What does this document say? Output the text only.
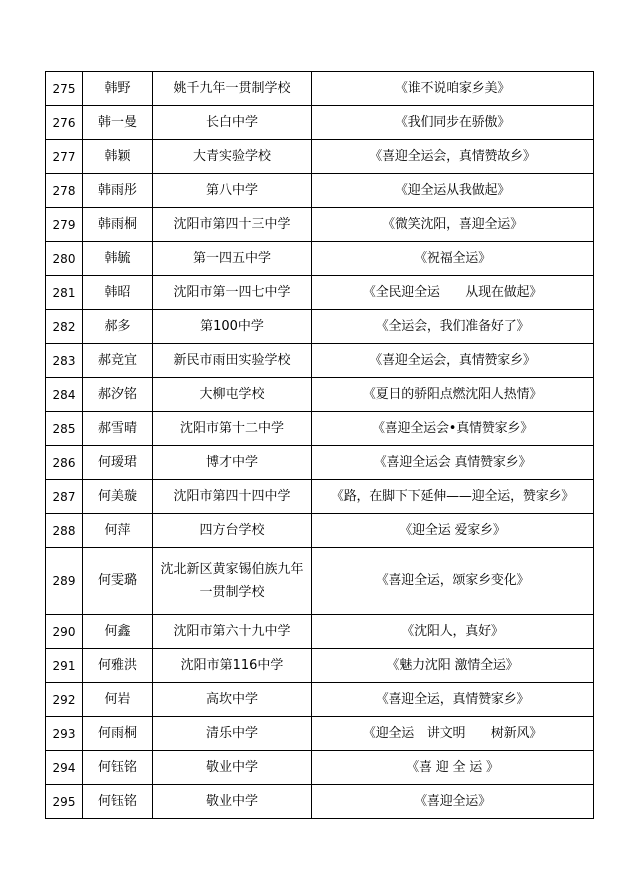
275	韩野	姚千九年一贯制学校	《谁不说咱家乡美》
276	韩一曼	长白中学	《我们同步在骄傲》
277	韩颖	大青实验学校	《喜迎全运会，真情赞故乡》
278	韩雨彤	第八中学	《迎全运从我做起》
279	韩雨桐	沈阳市第四十三中学	《微笑沈阳，喜迎全运》
280	韩毓	第一四五中学	《祝福全运》
281	韩昭	沈阳市第一四七中学	《全民迎全运　　从现在做起》
282	郝多	第100中学	《全运会，我们准备好了》
283	郝竞宜	新民市雨田实验学校	《喜迎全运会，真情赞家乡》
284	郝汐铭	大柳屯学校	《夏日的骄阳点燃沈阳人热情》
285	郝雪晴	沈阳市第十二中学	《喜迎全运会•真情赞家乡》
286	何瑷珺	博才中学	《喜迎全运会 真情赞家乡》
287	何美璇	沈阳市第四十四中学	《路，在脚下下延伸——迎全运，赞家乡》
288	何萍	四方台学校	《迎全运 爱家乡》
289	何雯璐	沈北新区黄家锡伯族九年一贯制学校	《喜迎全运，颂家乡变化》
290	何鑫	沈阳市第六十九中学	《沈阳人，真好》
291	何雅洪	沈阳市第116中学	《魅力沈阳 激情全运》
292	何岩	高坎中学	《喜迎全运，真情赞家乡》
293	何雨桐	清乐中学	《迎全运　讲文明　　树新风》
294	何钰铭	敬业中学	《喜 迎 全 运 》
295	何钰铭	敬业中学	《喜迎全运》
